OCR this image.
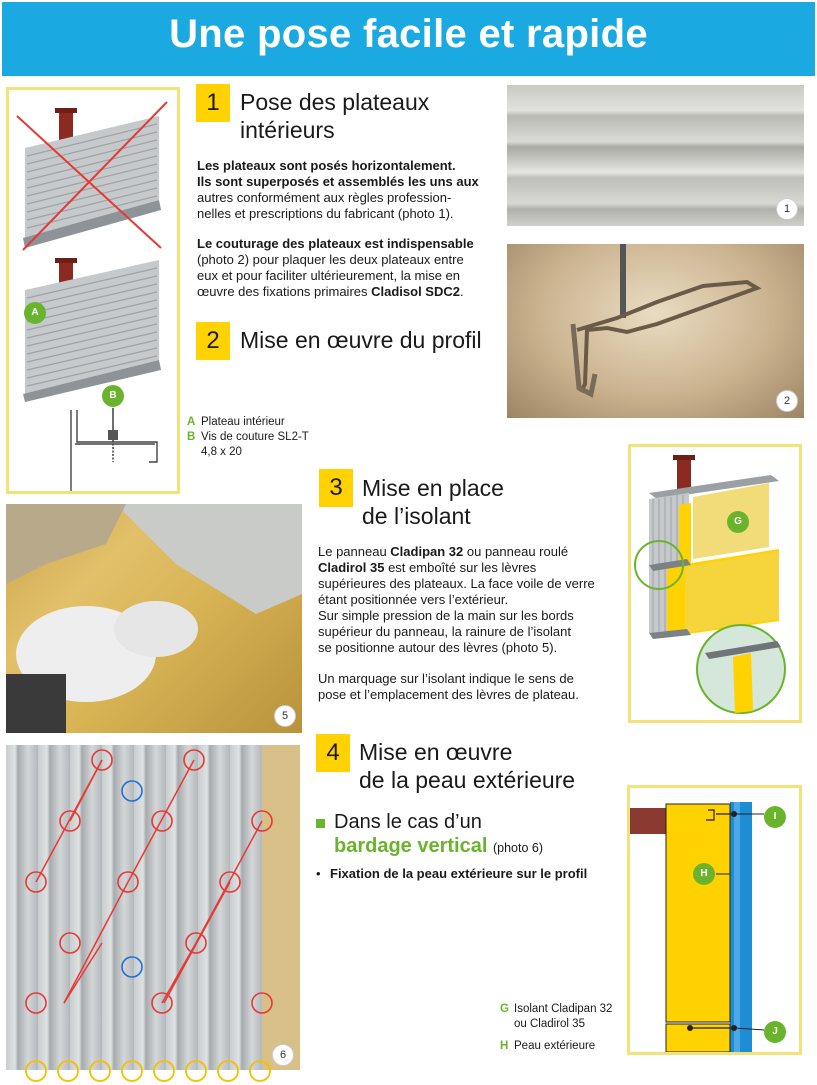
Une pose facile et rapide
A
B
A Plateau intérieur
B Vis de couture SL2-T
4,8 x 20
1 Pose des plateaux
intérieurs
Les plateaux sont posés horizontalement.
Ils sont superposés et assemblés les uns aux
autres conformément aux règles profession-
nelles et prescriptions du fabricant (photo 1).
Le couturage des plateaux est indispensable
(photo 2) pour plaquer les deux plateaux entre
eux et pour faciliter ultérieurement, la mise en
œuvre des fixations primaires Cladisol SDC2.
2 Mise en œuvre du profil
1
2
5
3 Mise en place
de l’isolant
Le panneau Cladipan 32 ou panneau roulé
Cladirol 35 est emboîté sur les lèvres
supérieures des plateaux. La face voile de verre
étant positionnée vers l’extérieur.
Sur simple pression de la main sur les bords
supérieur du panneau, la rainure de l’isolant
se positionne autour des lèvres (photo 5).
Un marquage sur l’isolant indique le sens de
pose et l’emplacement des lèvres de plateau.
G
6
4 Mise en œuvre
de la peau extérieure
Dans le cas d’un
bardage vertical (photo 6)
• Fixation de la peau extérieure sur le profil
G Isolant Cladipan 32
ou Cladirol 35
H Peau extérieure
I
H
J
